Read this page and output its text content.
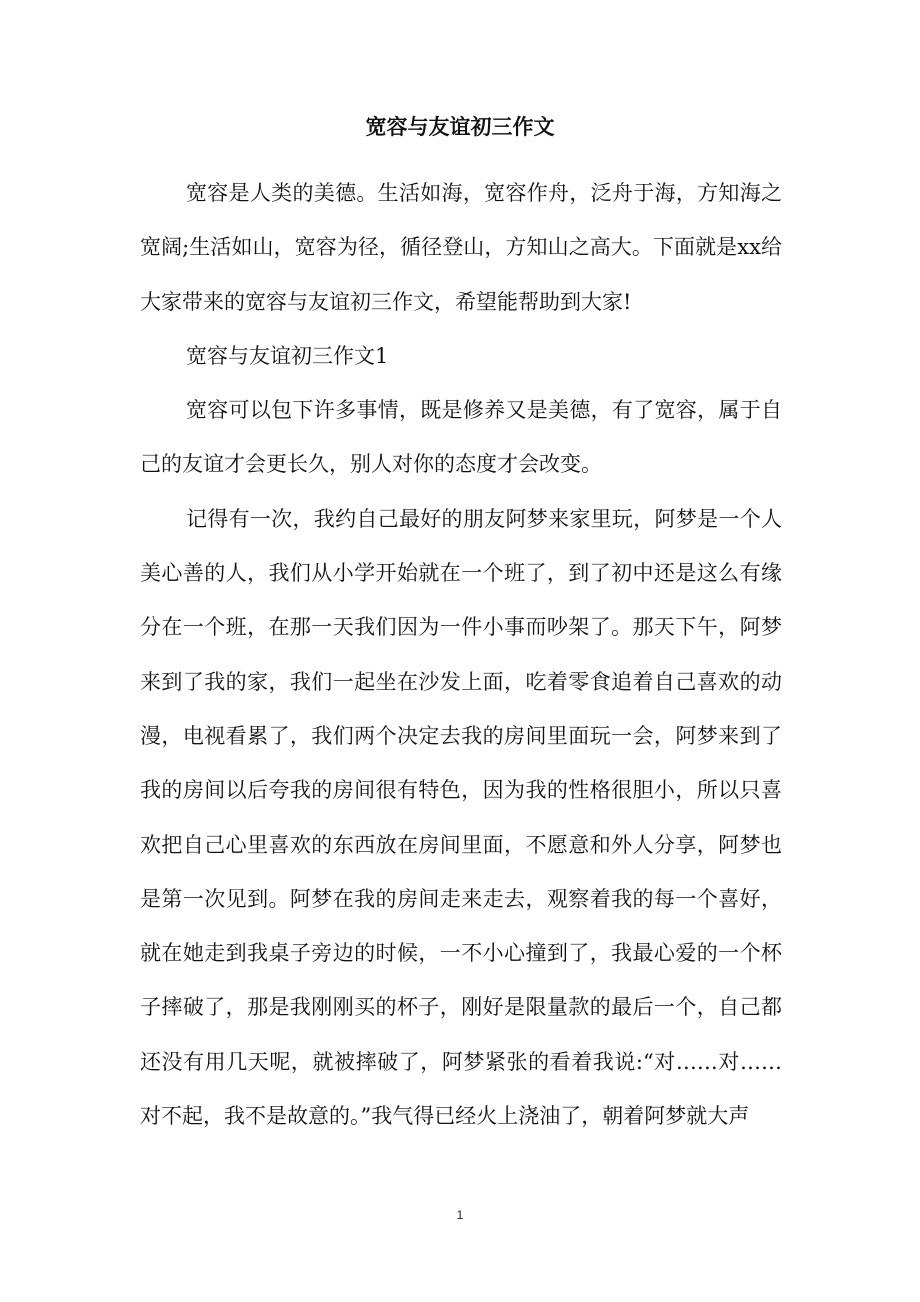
宽容与友谊初三作文

宽容是人类的美德。生活如海，宽容作舟，泛舟于海，方知海之宽阔;生活如山，宽容为径，循径登山，方知山之高大。下面就是xx给大家带来的宽容与友谊初三作文，希望能帮助到大家!

宽容与友谊初三作文1

宽容可以包下许多事情，既是修养又是美德，有了宽容，属于自己的友谊才会更长久，别人对你的态度才会改变。

记得有一次，我约自己最好的朋友阿梦来家里玩，阿梦是一个人美心善的人，我们从小学开始就在一个班了，到了初中还是这么有缘分在一个班，在那一天我们因为一件小事而吵架了。那天下午，阿梦来到了我的家，我们一起坐在沙发上面，吃着零食追着自己喜欢的动漫，电视看累了，我们两个决定去我的房间里面玩一会，阿梦来到了我的房间以后夸我的房间很有特色，因为我的性格很胆小，所以只喜欢把自己心里喜欢的东西放在房间里面，不愿意和外人分享，阿梦也是第一次见到。阿梦在我的房间走来走去，观察着我的每一个喜好，就在她走到我桌子旁边的时候，一不小心撞到了，我最心爱的一个杯子摔破了，那是我刚刚买的杯子，刚好是限量款的最后一个，自己都还没有用几天呢，就被摔破了，阿梦紧张的看着我说:“对……对……对不起，我不是故意的。”我气得已经火上浇油了，朝着阿梦就大声

1
